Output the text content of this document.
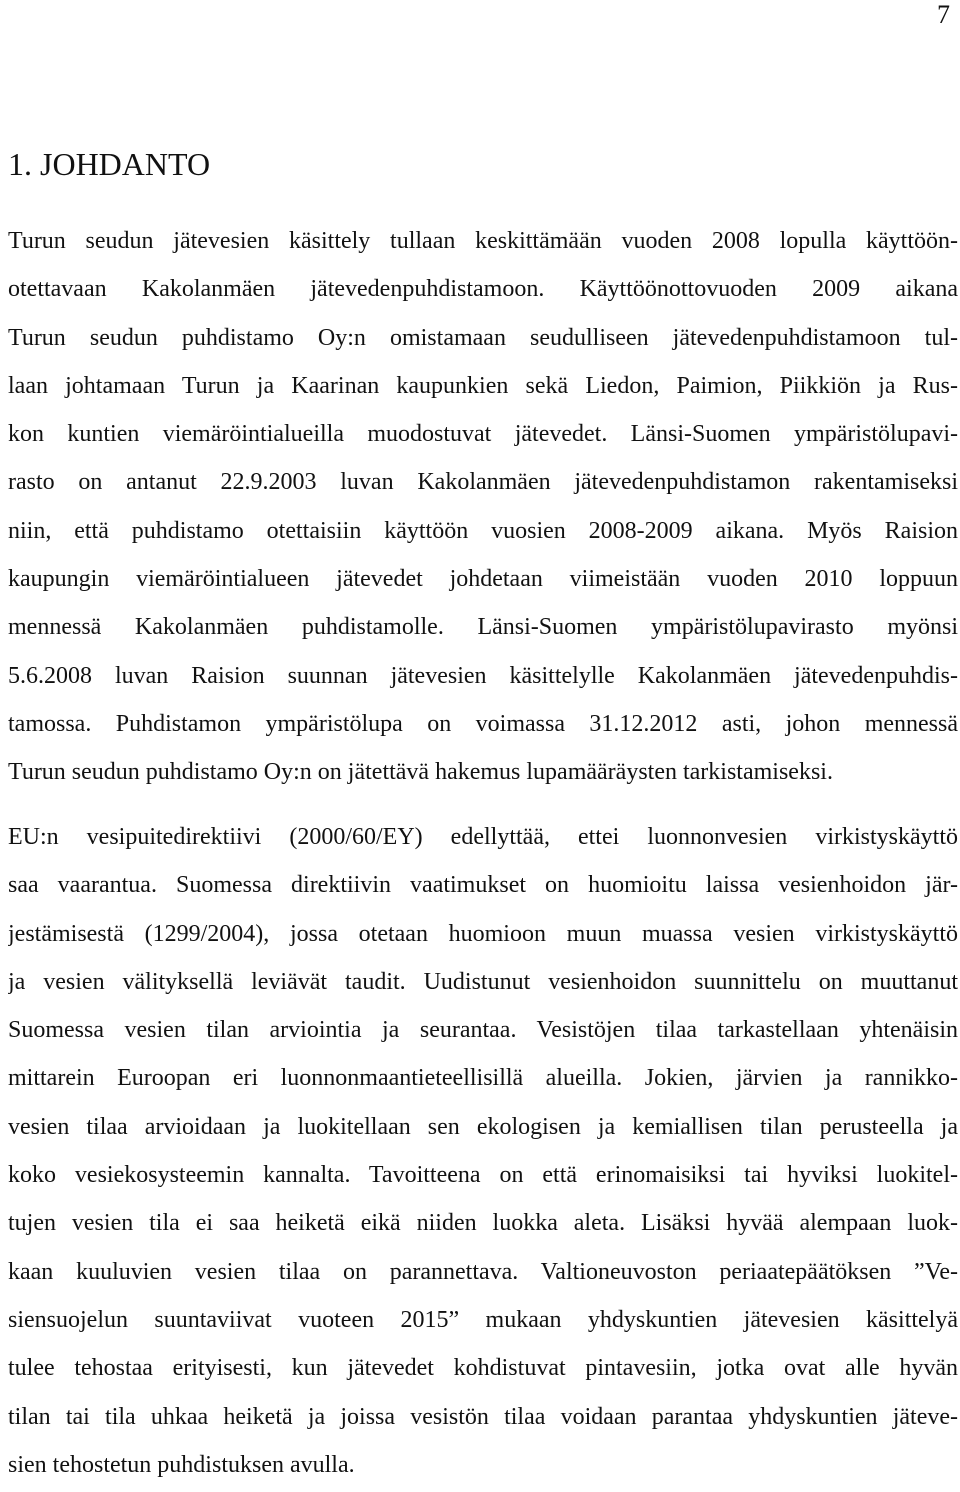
7
1. JOHDANTO
Turun seudun jätevesien käsittely tullaan keskittämään vuoden 2008 lopulla käyttöön-
otettavaan Kakolanmäen jätevedenpuhdistamoon. Käyttöönottovuoden 2009 aikana
Turun seudun puhdistamo Oy:n omistamaan seudulliseen jätevedenpuhdistamoon tul-
laan johtamaan Turun ja Kaarinan kaupunkien sekä Liedon, Paimion, Piikkiön ja Rus-
kon kuntien viemäröintialueilla muodostuvat jätevedet. Länsi-Suomen ympäristölupavi-
rasto on antanut 22.9.2003 luvan Kakolanmäen jätevedenpuhdistamon rakentamiseksi
niin, että puhdistamo otettaisiin käyttöön vuosien 2008-2009 aikana. Myös Raision
kaupungin viemäröintialueen jätevedet johdetaan viimeistään vuoden 2010 loppuun
mennessä Kakolanmäen puhdistamolle. Länsi-Suomen ympäristölupavirasto myönsi
5.6.2008 luvan Raision suunnan jätevesien käsittelylle Kakolanmäen jätevedenpuhdis-
tamossa. Puhdistamon ympäristölupa on voimassa 31.12.2012 asti, johon mennessä
Turun seudun puhdistamo Oy:n on jätettävä hakemus lupamääräysten tarkistamiseksi.
EU:n vesipuitedirektiivi (2000/60/EY) edellyttää, ettei luonnonvesien virkistyskäyttö
saa vaarantua. Suomessa direktiivin vaatimukset on huomioitu laissa vesienhoidon jär-
jestämisestä (1299/2004), jossa otetaan huomioon muun muassa vesien virkistyskäyttö
ja vesien välityksellä leviävät taudit. Uudistunut vesienhoidon suunnittelu on muuttanut
Suomessa vesien tilan arviointia ja seurantaa. Vesistöjen tilaa tarkastellaan yhtenäisin
mittarein Euroopan eri luonnonmaantieteellisillä alueilla. Jokien, järvien ja rannikko-
vesien tilaa arvioidaan ja luokitellaan sen ekologisen ja kemiallisen tilan perusteella ja
koko vesiekosysteemin kannalta. Tavoitteena on että erinomaisiksi tai hyviksi luokitel-
tujen vesien tila ei saa heiketä eikä niiden luokka aleta. Lisäksi hyvää alempaan luok-
kaan kuuluvien vesien tilaa on parannettava. Valtioneuvoston periaatepäätöksen ”Ve-
siensuojelun suuntaviivat vuoteen 2015” mukaan yhdyskuntien jätevesien käsittelyä
tulee tehostaa erityisesti, kun jätevedet kohdistuvat pintavesiin, jotka ovat alle hyvän
tilan tai tila uhkaa heiketä ja joissa vesistön tilaa voidaan parantaa yhdyskuntien jäteve-
sien tehostetun puhdistuksen avulla.
